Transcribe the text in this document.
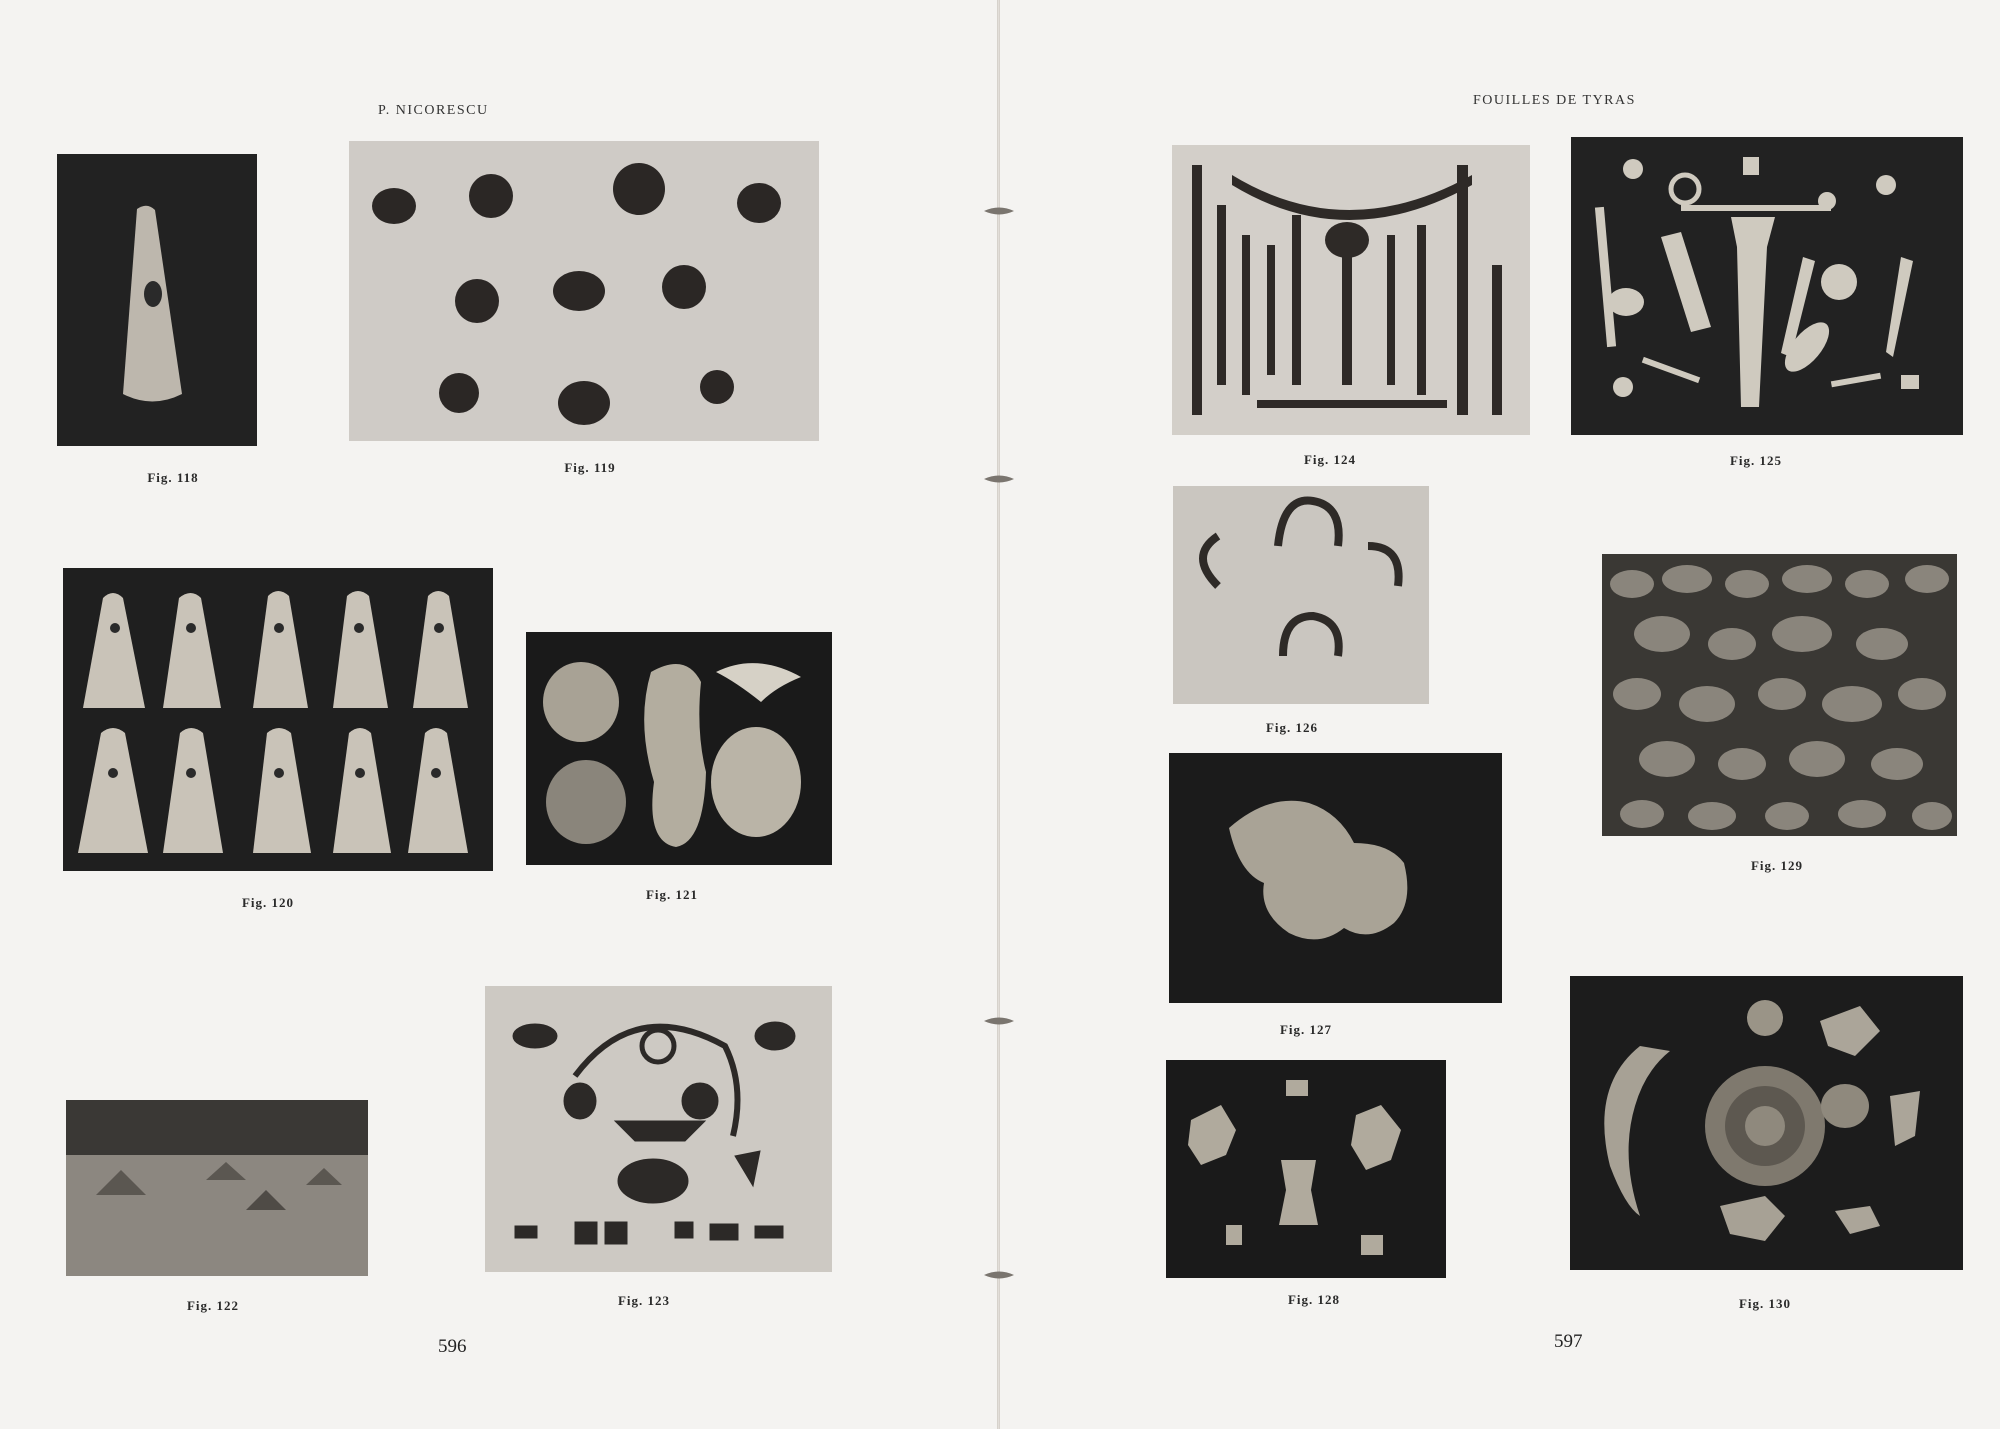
P. NICORESCU
Fig. 118
Fig. 119
Fig. 120
Fig. 121
Fig. 122	Fig. 123
596
FOUILLES DE TYRAS
Fig. 124	Fig. 125
Fig. 126
Fig. 127
Fig. 128
Fig. 129
Fig. 130
597
